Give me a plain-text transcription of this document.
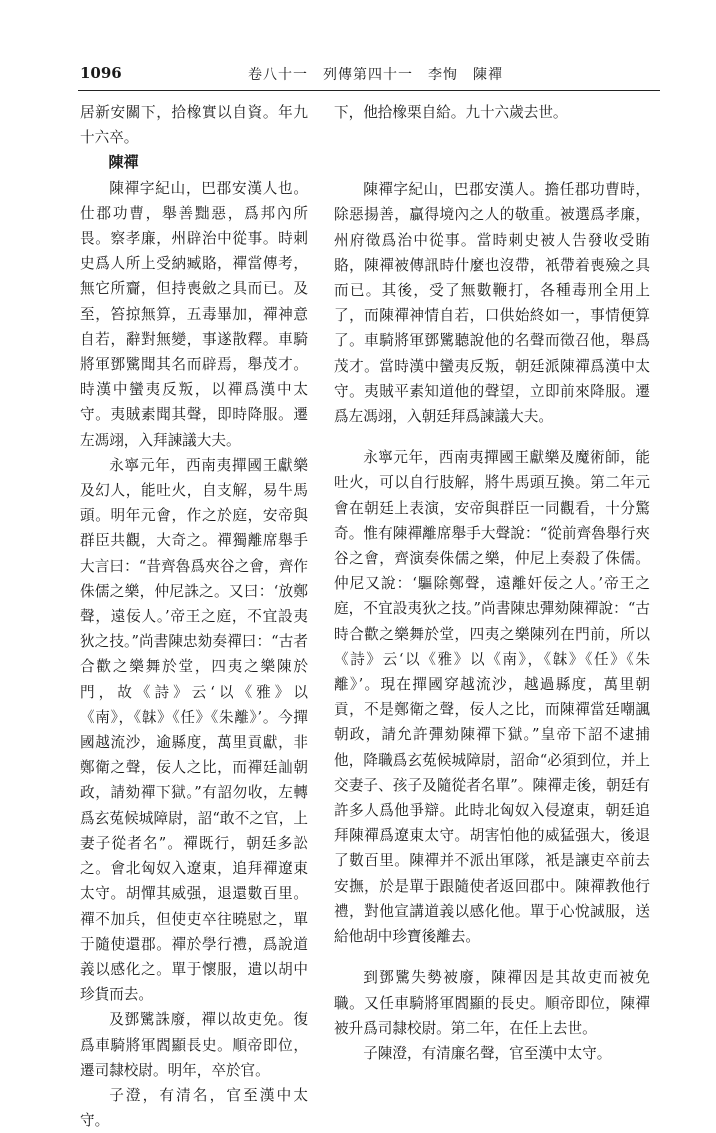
1096	卷八十一　列傳第四十一　李恂　陳禪

居新安關下，拾橡實以自資。年九十六卒。

陳禪

陳禪字紀山，巴郡安漢人也。仕郡功曹，舉善黜惡，爲邦內所畏。察孝廉，州辟治中從事。時刺史爲人所上受納臧賂，禪當傳考，無它所齎，但持喪斂之具而已。及至，笞掠無算，五毒畢加，禪神意自若，辭對無變，事遂散釋。車騎將軍鄧騭聞其名而辟焉，舉茂才。時漢中蠻夷反叛，以禪爲漢中太守。夷賊素聞其聲，即時降服。遷左馮翊，入拜諫議大夫。

永寧元年，西南夷撣國王獻樂及幻人，能吐火，自支解，易牛馬頭。明年元會，作之於庭，安帝與群臣共觀，大奇之。禪獨離席舉手大言曰：“昔齊魯爲夾谷之會，齊作侏儒之樂，仲尼誅之。又曰：‘放鄭聲，遠佞人。’帝王之庭，不宜設夷狄之技。”尚書陳忠劾奏禪曰：“古者合歡之樂舞於堂，四夷之樂陳於門，故《詩》云‘以《雅》以《南》，《韎》《任》《朱離》’。今撣國越流沙，逾縣度，萬里貢獻，非鄭衛之聲，佞人之比，而禪廷訕朝政，請劾禪下獄。”有詔勿收，左轉爲玄菟候城障尉，詔“敢不之官，上妻子從者名”。禪既行，朝廷多訟之。會北匈奴入遼東，追拜禪遼東太守。胡憚其威强，退還數百里。禪不加兵，但使吏卒往曉慰之，單于隨使還郡。禪於學行禮，爲說道義以感化之。單于懷服，遺以胡中珍貨而去。

及鄧騭誅廢，禪以故吏免。復爲車騎將軍閻顯長史。順帝即位，遷司隸校尉。明年，卒於官。

子澄，有清名，官至漢中太守。

下，他拾橡栗自給。九十六歲去世。

陳禪字紀山，巴郡安漢人。擔任郡功曹時，除惡揚善，贏得境內之人的敬重。被選爲孝廉，州府徵爲治中從事。當時刺史被人告發收受賄賂，陳禪被傳訊時什麼也沒帶，衹帶着喪殮之具而已。其後，受了無數鞭打，各種毒刑全用上了，而陳禪神情自若，口供始終如一，事情便算了。車騎將軍鄧騭聽說他的名聲而徵召他，舉爲茂才。當時漢中蠻夷反叛，朝廷派陳禪爲漢中太守。夷賊平素知道他的聲望，立即前來降服。遷爲左馮翊，入朝廷拜爲諫議大夫。

永寧元年，西南夷撣國王獻樂及魔術師，能吐火，可以自行肢解，將牛馬頭互換。第二年元會在朝廷上表演，安帝與群臣一同觀看，十分驚奇。惟有陳禪離席舉手大聲說：“從前齊魯舉行夾谷之會，齊演奏侏儒之樂，仲尼上奏殺了侏儒。仲尼又說：‘驅除鄭聲，遠離奸佞之人。’帝王之庭，不宜設夷狄之技。”尚書陳忠彈劾陳禪說：“古時合歡之樂舞於堂，四夷之樂陳列在門前，所以《詩》云‘以《雅》以《南》，《韎》《任》《朱離》’。現在撣國穿越流沙，越過縣度，萬里朝貢，不是鄭衛之聲，佞人之比，而陳禪當廷嘲諷朝政，請允許彈劾陳禪下獄。”皇帝下詔不逮捕他，降職爲玄菟候城障尉，詔命“必須到位，并上交妻子、孩子及隨從者名單”。陳禪走後，朝廷有許多人爲他爭辯。此時北匈奴入侵遼東，朝廷追拜陳禪爲遼東太守。胡害怕他的威猛强大，後退了數百里。陳禪并不派出軍隊，衹是讓吏卒前去安撫，於是單于跟隨使者返回郡中。陳禪教他行禮，對他宣講道義以感化他。單于心悅誠服，送給他胡中珍寶後離去。

到鄧騭失勢被廢，陳禪因是其故吏而被免職。又任車騎將軍閻顯的長史。順帝即位，陳禪被升爲司隸校尉。第二年，在任上去世。

子陳澄，有清廉名聲，官至漢中太守。
